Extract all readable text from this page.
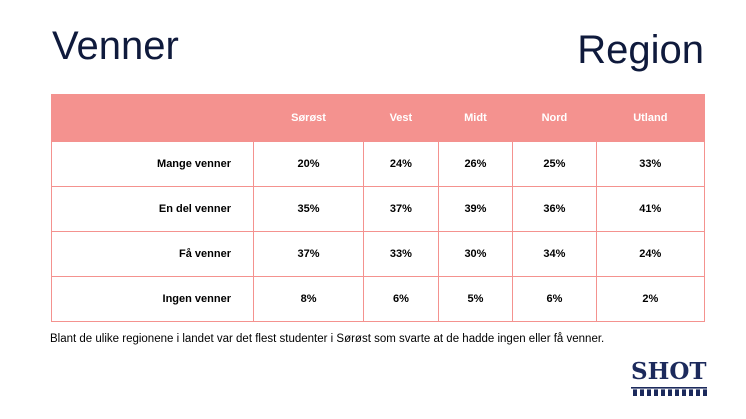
Venner	Region
	Sørøst	Vest	Midt	Nord	Utland
Mange venner	20%	24%	26%	25%	33%
En del venner	35%	37%	39%	36%	41%
Få venner	37%	33%	30%	34%	24%
Ingen venner	8%	6%	5%	6%	2%
Blant de ulike regionene i landet var det flest studenter i Sørøst som svarte at de hadde ingen eller få venner.
SHOT
